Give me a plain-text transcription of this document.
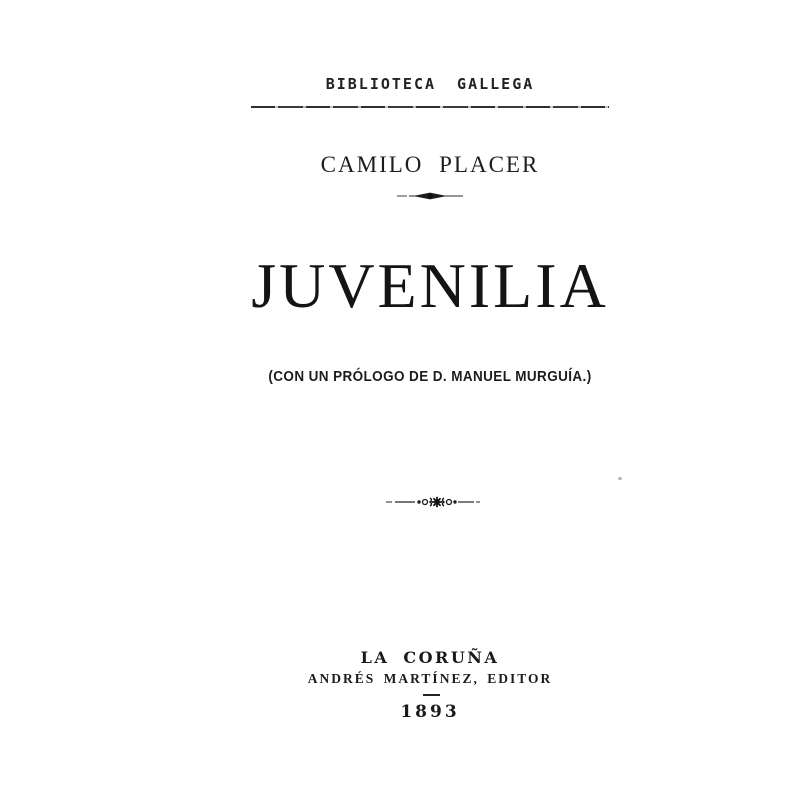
BIBLIOTECA GALLEGA
CAMILO PLACER
JUVENILIA
(CON UN PRÓLOGO DE D. MANUEL MURGUÍA.)
LA CORUÑA
ANDRÉS MARTÍNEZ, EDITOR
1893
